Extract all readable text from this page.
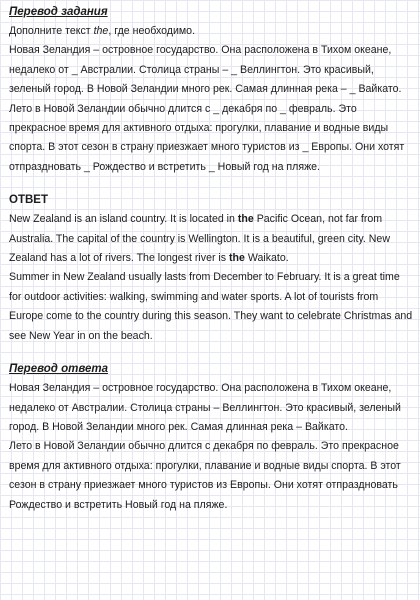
Перевод задания

Дополните текст the, где необходимо.

Новая Зеландия – островное государство. Она расположена в Тихом океане, недалеко от _ Австралии. Столица страны – _ Веллингтон. Это красивый, зеленый город. В Новой Зеландии много рек. Самая длинная река – _ Вайкато.

Лето в Новой Зеландии обычно длится с _ декабря по _ февраль. Это прекрасное время для активного отдыха: прогулки, плавание и водные виды спорта. В этот сезон в страну приезжает много туристов из _ Европы. Они хотят отпраздновать _ Рождество и встретить _ Новый год на пляже.

ОТВЕТ

New Zealand is an island country. It is located in the Pacific Ocean, not far from Australia. The capital of the country is Wellington. It is a beautiful, green city. New Zealand has a lot of rivers. The longest river is the Waikato.

Summer in New Zealand usually lasts from December to February. It is a great time for outdoor activities: walking, swimming and water sports. A lot of tourists from Europe come to the country during this season. They want to celebrate Christmas and see New Year in on the beach.

Перевод ответа

Новая Зеландия – островное государство. Она расположена в Тихом океане, недалеко от Австралии. Столица страны – Веллингтон. Это красивый, зеленый город. В Новой Зеландии много рек. Самая длинная река – Вайкато.

Лето в Новой Зеландии обычно длится с декабря по февраль. Это прекрасное время для активного отдыха: прогулки, плавание и водные виды спорта. В этот сезон в страну приезжает много туристов из Европы. Они хотят отпраздновать Рождество и встретить Новый год на пляже.
